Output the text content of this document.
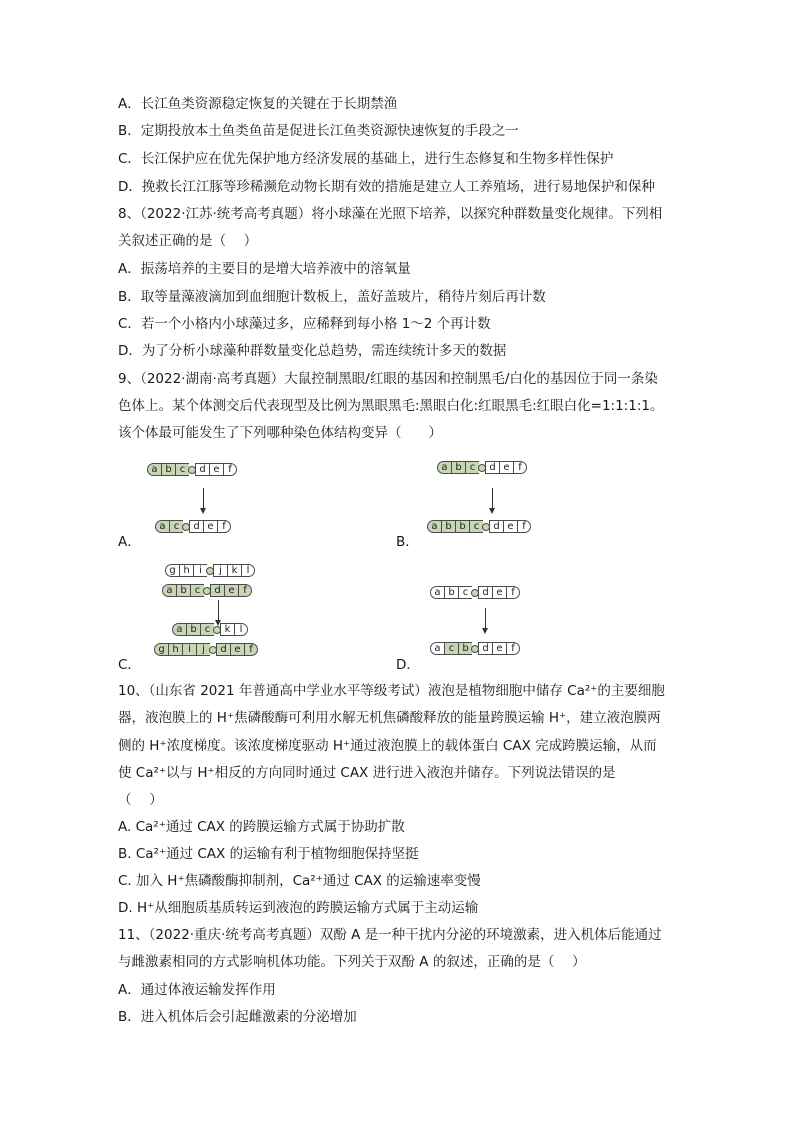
A．长江鱼类资源稳定恢复的关键在于长期禁渔
B．定期投放本土鱼类鱼苗是促进长江鱼类资源快速恢复的手段之一
C．长江保护应在优先保护地方经济发展的基础上，进行生态修复和生物多样性保护
D．挽救长江江豚等珍稀濒危动物长期有效的措施是建立人工养殖场，进行易地保护和保种
8、（2022·江苏·统考高考真题）将小球藻在光照下培养，以探究种群数量变化规律。下列相
关叙述正确的是（　 ）
A．振荡培养的主要目的是增大培养液中的溶氧量
B．取等量藻液滴加到血细胞计数板上，盖好盖玻片，稍待片刻后再计数
C．若一个小格内小球藻过多，应稀释到每小格 1～2 个再计数
D．为了分析小球藻种群数量变化总趋势，需连续统计多天的数据
9、（2022·湖南·高考真题）大鼠控制黑眼/红眼的基因和控制黑毛/白化的基因位于同一条染
色体上。某个体测交后代表现型及比例为黑眼黑毛:黑眼白化:红眼黑毛:红眼白化=1:1:1:1。
该个体最可能发生了下列哪种染色体结构变异（　　）
A．	B．
C．	D．
a b c	d e f
a c	d e f
a b c	d e f
a b b c	d e f
g h i	j k l
a b c	d e f
a b c	k l
g h i	j	d e f
a b c	d e f
a c b	d e f
10、（山东省 2021 年普通高中学业水平等级考试）液泡是植物细胞中储存 Ca²⁺的主要细胞
器，液泡膜上的 H⁺焦磷酸酶可利用水解无机焦磷酸释放的能量跨膜运输 H⁺，建立液泡膜两
侧的 H⁺浓度梯度。该浓度梯度驱动 H⁺通过液泡膜上的载体蛋白 CAX 完成跨膜运输，从而
使 Ca²⁺以与 H⁺相反的方向同时通过 CAX 进行进入液泡并储存。下列说法错误的是
（　 ）
A. Ca²⁺通过 CAX 的跨膜运输方式属于协助扩散
B. Ca²⁺通过 CAX 的运输有利于植物细胞保持坚挺
C. 加入 H⁺焦磷酸酶抑制剂，Ca²⁺通过 CAX 的运输速率变慢
D. H⁺从细胞质基质转运到液泡的跨膜运输方式属于主动运输
11、（2022·重庆·统考高考真题）双酚 A 是一种干扰内分泌的环境激素，进入机体后能通过
与雌激素相同的方式影响机体功能。下列关于双酚 A 的叙述，正确的是（　 ）
A．通过体液运输发挥作用
B．进入机体后会引起雌激素的分泌增加
